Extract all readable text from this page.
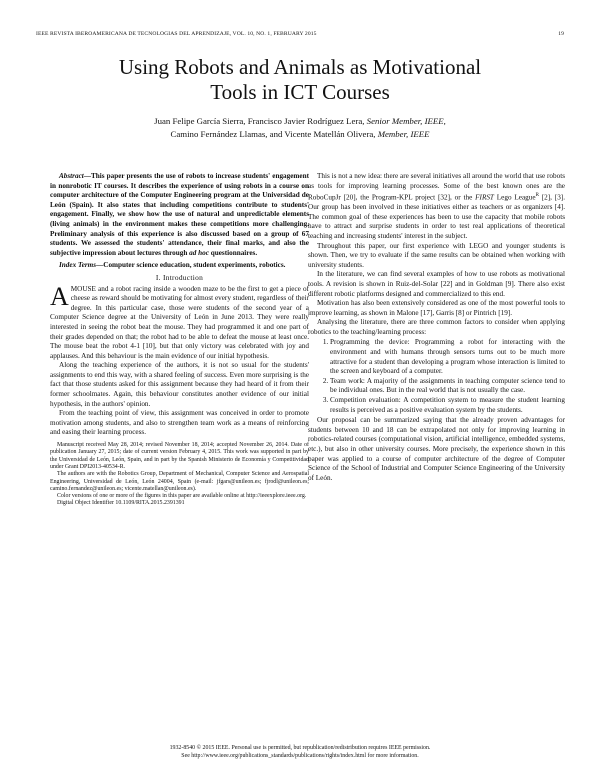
IEEE REVISTA IBEROAMERICANA DE TECNOLOGIAS DEL APRENDIZAJE, VOL. 10, NO. 1, FEBRUARY 2015	19
Using Robots and Animals as Motivational
Tools in ICT Courses
Juan Felipe García Sierra, Francisco Javier Rodríguez Lera, Senior Member, IEEE,
Camino Fernández Llamas, and Vicente Matellán Olivera, Member, IEEE

Abstract—This paper presents the use of robots to increase students' engagement in nonrobotic IT courses. It describes the experience of using robots in a course on computer architecture of the Computer Engineering program at the Universidad de León (Spain). It also states that including competitions contribute to students' engagement. Finally, we show how the use of natural and unpredictable elements (living animals) in the environment makes these competitions more challenging. Preliminary analysis of this experience is also discussed based on a group of 67 students. We assessed the students' attendance, their final marks, and also the subjective impression about lectures through ad hoc questionnaires.

Index Terms—Computer science education, student experiments, robotics.

I. Introduction

AMOUSE and a robot racing inside a wooden maze to be the first to get a piece of cheese as reward should be motivating for almost every student, regardless of their degree. In this particular case, those were students of the second year of a Computer Science degree at the University of León in June 2013. They were really interested in seeing the robot beat the mouse. They had programmed it and one part of their grades depended on that; the robot had to be able to defeat the mouse at least once. The mouse beat the robot 4-1 [10], but that only victory was celebrated with joy and applauses. And this behaviour is the main evidence of our initial hypothesis.

Along the teaching experience of the authors, it is not so usual for the students' assignments to end this way, with a shared feeling of success. Even more surprising is the fact that those students asked for this assignment because they had heard of it from their former schoolmates. Again, this behaviour constitutes another evidence of our initial hypothesis, in the authors' opinion.

From the teaching point of view, this assignment was conceived in order to promote motivation among students, and also to strengthen team work as a means of reinforcing and easing their learning process.

Manuscript received May 28, 2014; revised November 18, 2014; accepted November 26, 2014. Date of publication January 27, 2015; date of current version February 4, 2015. This work was supported in part by the Universidad de León, León, Spain, and in part by the Spanish Ministerio de Economía y Competitividad under Grant DPI2013-40534-R.

The authors are with the Robotics Group, Department of Mechanical, Computer Science and Aerospatial Engineering, Universidad de León, León 24004, Spain (e-mail: jfgars@unileon.es; fjrodl@unileon.es; camino.fernandez@unileon.es; vicente.matellan@unileon.es).

Color versions of one or more of the figures in this paper are available online at http://ieeexplore.ieee.org.

Digital Object Identifier 10.1109/RITA.2015.2391391

This is not a new idea: there are several initiatives all around the world that use robots as tools for improving learning processes. Some of the best known ones are the RoboCupJr [20], the Program-KPL project [32], or the FIRST Lego League$^R$ [2], [3]. Our group has been involved in these initiatives either as teachers or as organizers [4]. The common goal of these experiences has been to use the capacity that mobile robots have to attract and surprise students in order to test real applications of theoretical teaching and increasing students' interest in the subject.

Throughout this paper, our first experience with LEGO and younger students is shown. Then, we try to evaluate if the same results can be obtained when working with university students.

In the literature, we can find several examples of how to use robots as motivational tools. A revision is shown in Ruiz-del-Solar [22] and in Goldman [9]. There also exist different robotic platforms designed and commercialized to this end.

Motivation has also been extensively considered as one of the most powerful tools to improve learning, as shown in Malone [17], Garris [8] or Pintrich [19].

Analysing the literature, there are three common factors to consider when applying robotics to the teaching/learning process:

1. Programming the device: Programming a robot for interacting with the environment and with humans through sensors turns out to be much more attractive for a student than developing a program whose interaction is limited to the screen and keyboard of a computer.
2. Team work: A majority of the assignments in teaching computer science tend to be individual ones. But in the real world that is not usually the case.
3. Competition evaluation: A competition system to measure the student learning results is perceived as a positive evaluation system by the students.

Our proposal can be summarized saying that the already proven advantages for students between 10 and 18 can be extrapolated not only for improving learning in robotics-related courses (computational vision, artificial intelligence, embedded systems, etc.), but also in other university courses. More precisely, the experience shown in this paper was applied to a course of computer architecture of the degree of Computer Science of the School of Industrial and Computer Science Engineering of the University of León.

1932-8540 © 2015 IEEE. Personal use is permitted, but republication/redistribution requires IEEE permission.
See http://www.ieee.org/publications_standards/publications/rights/index.html for more information.
